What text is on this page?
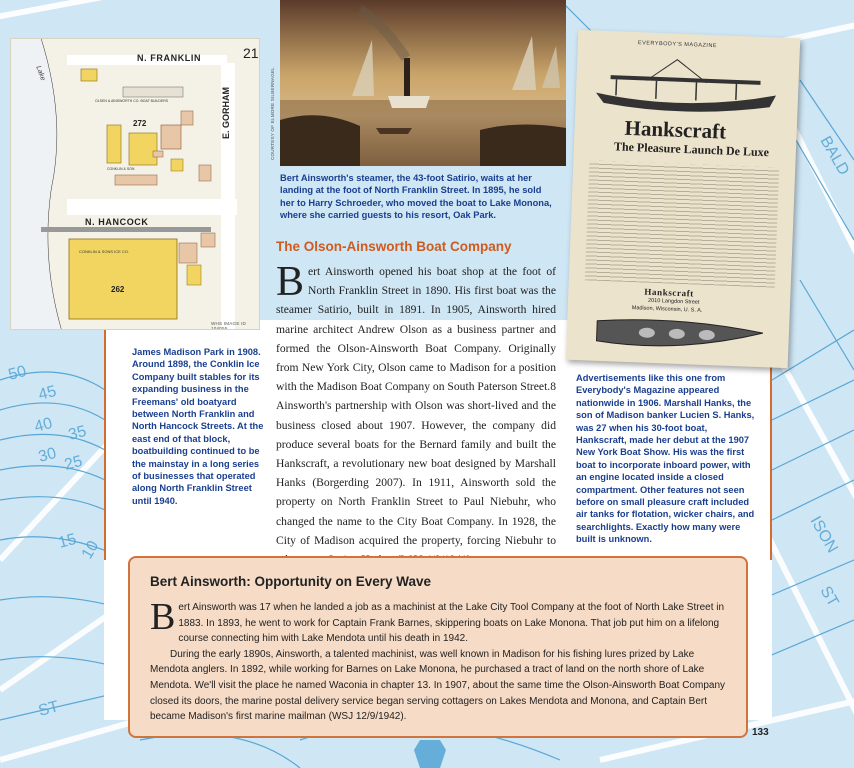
50
45
40 35
30 25
15 10
BALD
ISON
ST
ST
N. FRANKLIN	21
E. GORHAM
Lake
OLSEN & AINSWORTH CO. BOAT BUILDERS
272
CONKLIN & SON
N. HANCOCK
CONKLIN & SONS ICE CO.
262
WHS IMAGE ID 104055
COURTESY OF ELMORE SILBERNAGEL
EVERYBODY'S MAGAZINE
Hankscraft
The Pleasure Launch De Luxe
Hankscraft
2010 Langdon Street
Madison, Wisconsin, U. S. A.
James Madison Park in 1908. Around 1898, the Conklin Ice Company built stables for its expanding business in the Freemans' old boatyard between North Franklin and North Hancock Streets. At the east end of that block, boatbuilding continued to be the mainstay in a long series of businesses that operated along North Franklin Street until 1940.
Bert Ainsworth's steamer, the 43-foot Satirio, waits at her landing at the foot of North Franklin Street. In 1895, he sold her to Harry Schroeder, who moved the boat to Lake Monona, where she carried guests to his resort, Oak Park.
Advertisements like this one from Everybody's Magazine appeared nationwide in 1906. Marshall Hanks, the son of Madison banker Lucien S. Hanks, was 27 when his 30-foot boat, Hankscraft, made her debut at the 1907 New York Boat Show. His was the first boat to incorporate inboard power, with an engine located inside a closed compartment. Other features not seen before on small pleasure craft included air tanks for flotation, wicker chairs, and searchlights. Exactly how many were built is unknown.
The Olson-Ainsworth Boat Company
Bert Ainsworth opened his boat shop at the foot of North Franklin Street in 1890. His first boat was the steamer Satirio, built in 1891. In 1905, Ainsworth hired marine architect Andrew Olson as a business partner and formed the Olson-Ainsworth Boat Company. Originally from New York City, Olson came to Madison for a position with the Madison Boat Company on South Paterson Street.8 Ainsworth's partnership with Olson was short-lived and the business closed about 1907. However, the company did produce several boats for the Bernard family and built the Hankscraft, a revolutionary new boat designed by Marshall Hanks (Borgerding 2007). In 1911, Ainsworth sold the property on North Franklin Street to Paul Niebuhr, who changed the name to the City Boat Company. In 1928, the City of Madison acquired the property, forcing Niebuhr to
Bert Ainsworth: Opportunity on Every Wave

Bert Ainsworth was 17 when he landed a job as a machinist at the Lake City Tool Company at the foot of North Lake Street in 1883. In 1893, he went to work for Captain Frank Barnes, skippering boats on Lake Monona. That job put him on a lifelong course connecting him with Lake Mendota until his death in 1942.

During the early 1890s, Ainsworth, a talented machinist, was well known in Madison for his fishing lures prized by Lake Mendota anglers. In 1892, while working for Barnes on Lake Monona, he purchased a tract of land on the north shore of Lake Mendota. We'll visit the place he named Waconia in chapter 13. In 1907, about the same time the Olson-Ainsworth Boat Company closed its doors, the marine postal delivery service began serving cottagers on Lakes Mendota and Monona, and Captain Bert became Madison's first marine mailman (WSJ 12/9/1942).

133
